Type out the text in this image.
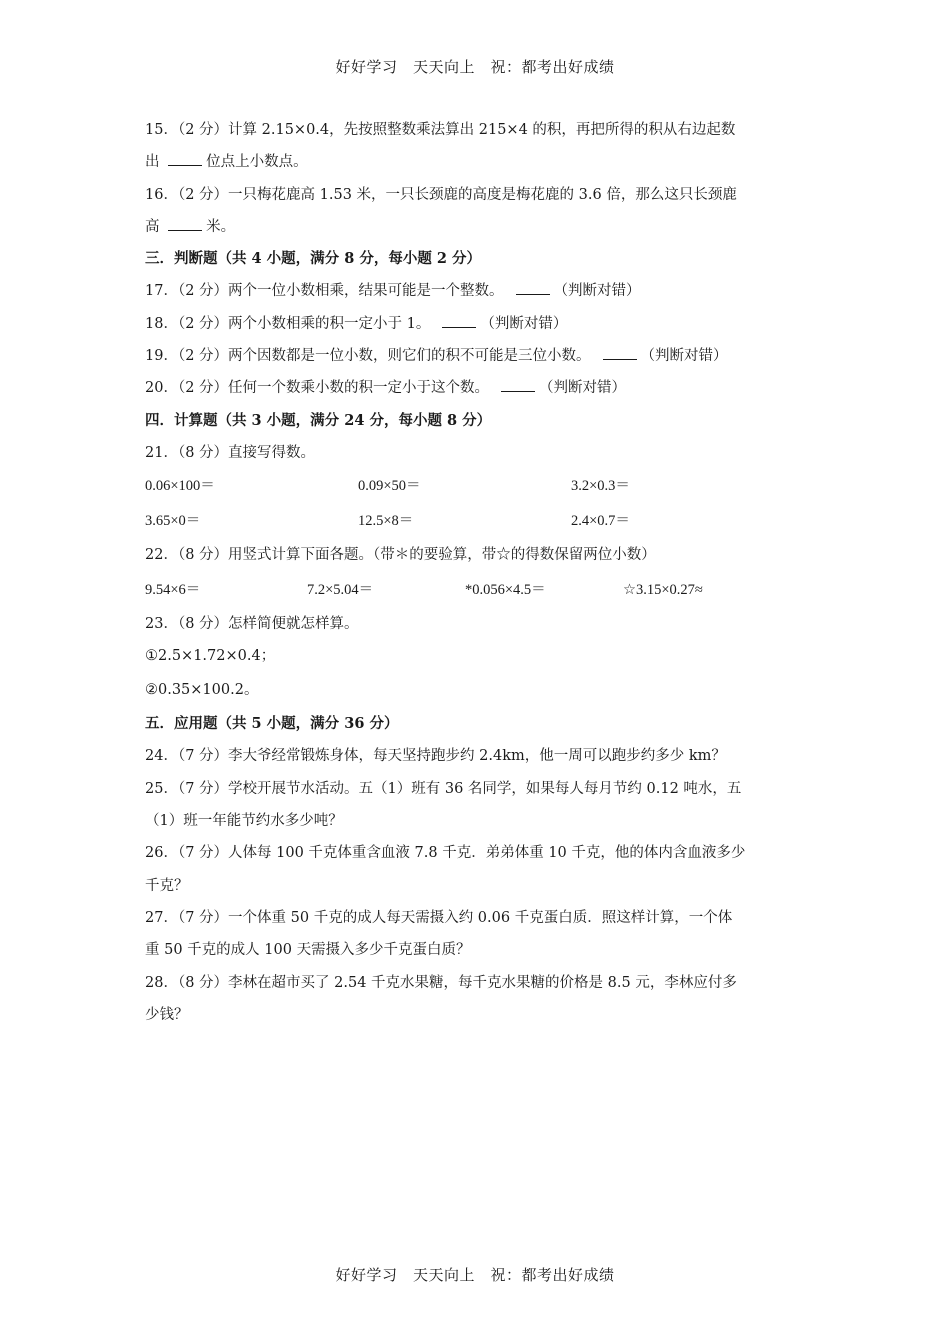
好好学习　天天向上　祝：都考出好成绩
15．（2 分）计算 2.15×0.4，先按照整数乘法算出 215×4 的积，再把所得的积从右边起数
出	位点上小数点。
16．（2 分）一只梅花鹿高 1.53 米，一只长颈鹿的高度是梅花鹿的 3.6 倍，那么这只长颈鹿
高	米。
三．判断题（共 4 小题，满分 8 分，每小题 2 分）
17．（2 分）两个一位小数相乘，结果可能是一个整数。	（判断对错）
18．（2 分）两个小数相乘的积一定小于 1。	（判断对错）
19．（2 分）两个因数都是一位小数，则它们的积不可能是三位小数。	（判断对错）
20．（2 分）任何一个数乘小数的积一定小于这个数。	（判断对错）
四．计算题（共 3 小题，满分 24 分，每小题 8 分）
21．（8 分）直接写得数。
0.06×100＝	0.09×50＝	3.2×0.3＝
3.65×0＝	12.5×8＝	2.4×0.7＝
22．（8 分）用竖式计算下面各题。（带＊的要验算，带☆的得数保留两位小数）
9.54×6＝	7.2×5.04＝	*0.056×4.5＝	☆3.15×0.27≈
23．（8 分）怎样简便就怎样算。
①2.5×1.72×0.4；
②0.35×100.2。
五．应用题（共 5 小题，满分 36 分）
24．（7 分）李大爷经常锻炼身体，每天坚持跑步约 2.4km，他一周可以跑步约多少 km？
25．（7 分）学校开展节水活动。五（1）班有 36 名同学，如果每人每月节约 0.12 吨水，五
（1）班一年能节约水多少吨？
26．（7 分）人体每 100 千克体重含血液 7.8 千克．弟弟体重 10 千克，他的体内含血液多少
千克？
27．（7 分）一个体重 50 千克的成人每天需摄入约 0.06 千克蛋白质．照这样计算，一个体
重 50 千克的成人 100 天需摄入多少千克蛋白质？
28．（8 分）李林在超市买了 2.54 千克水果糖，每千克水果糖的价格是 8.5 元，李林应付多
少钱？
好好学习　天天向上　祝：都考出好成绩
